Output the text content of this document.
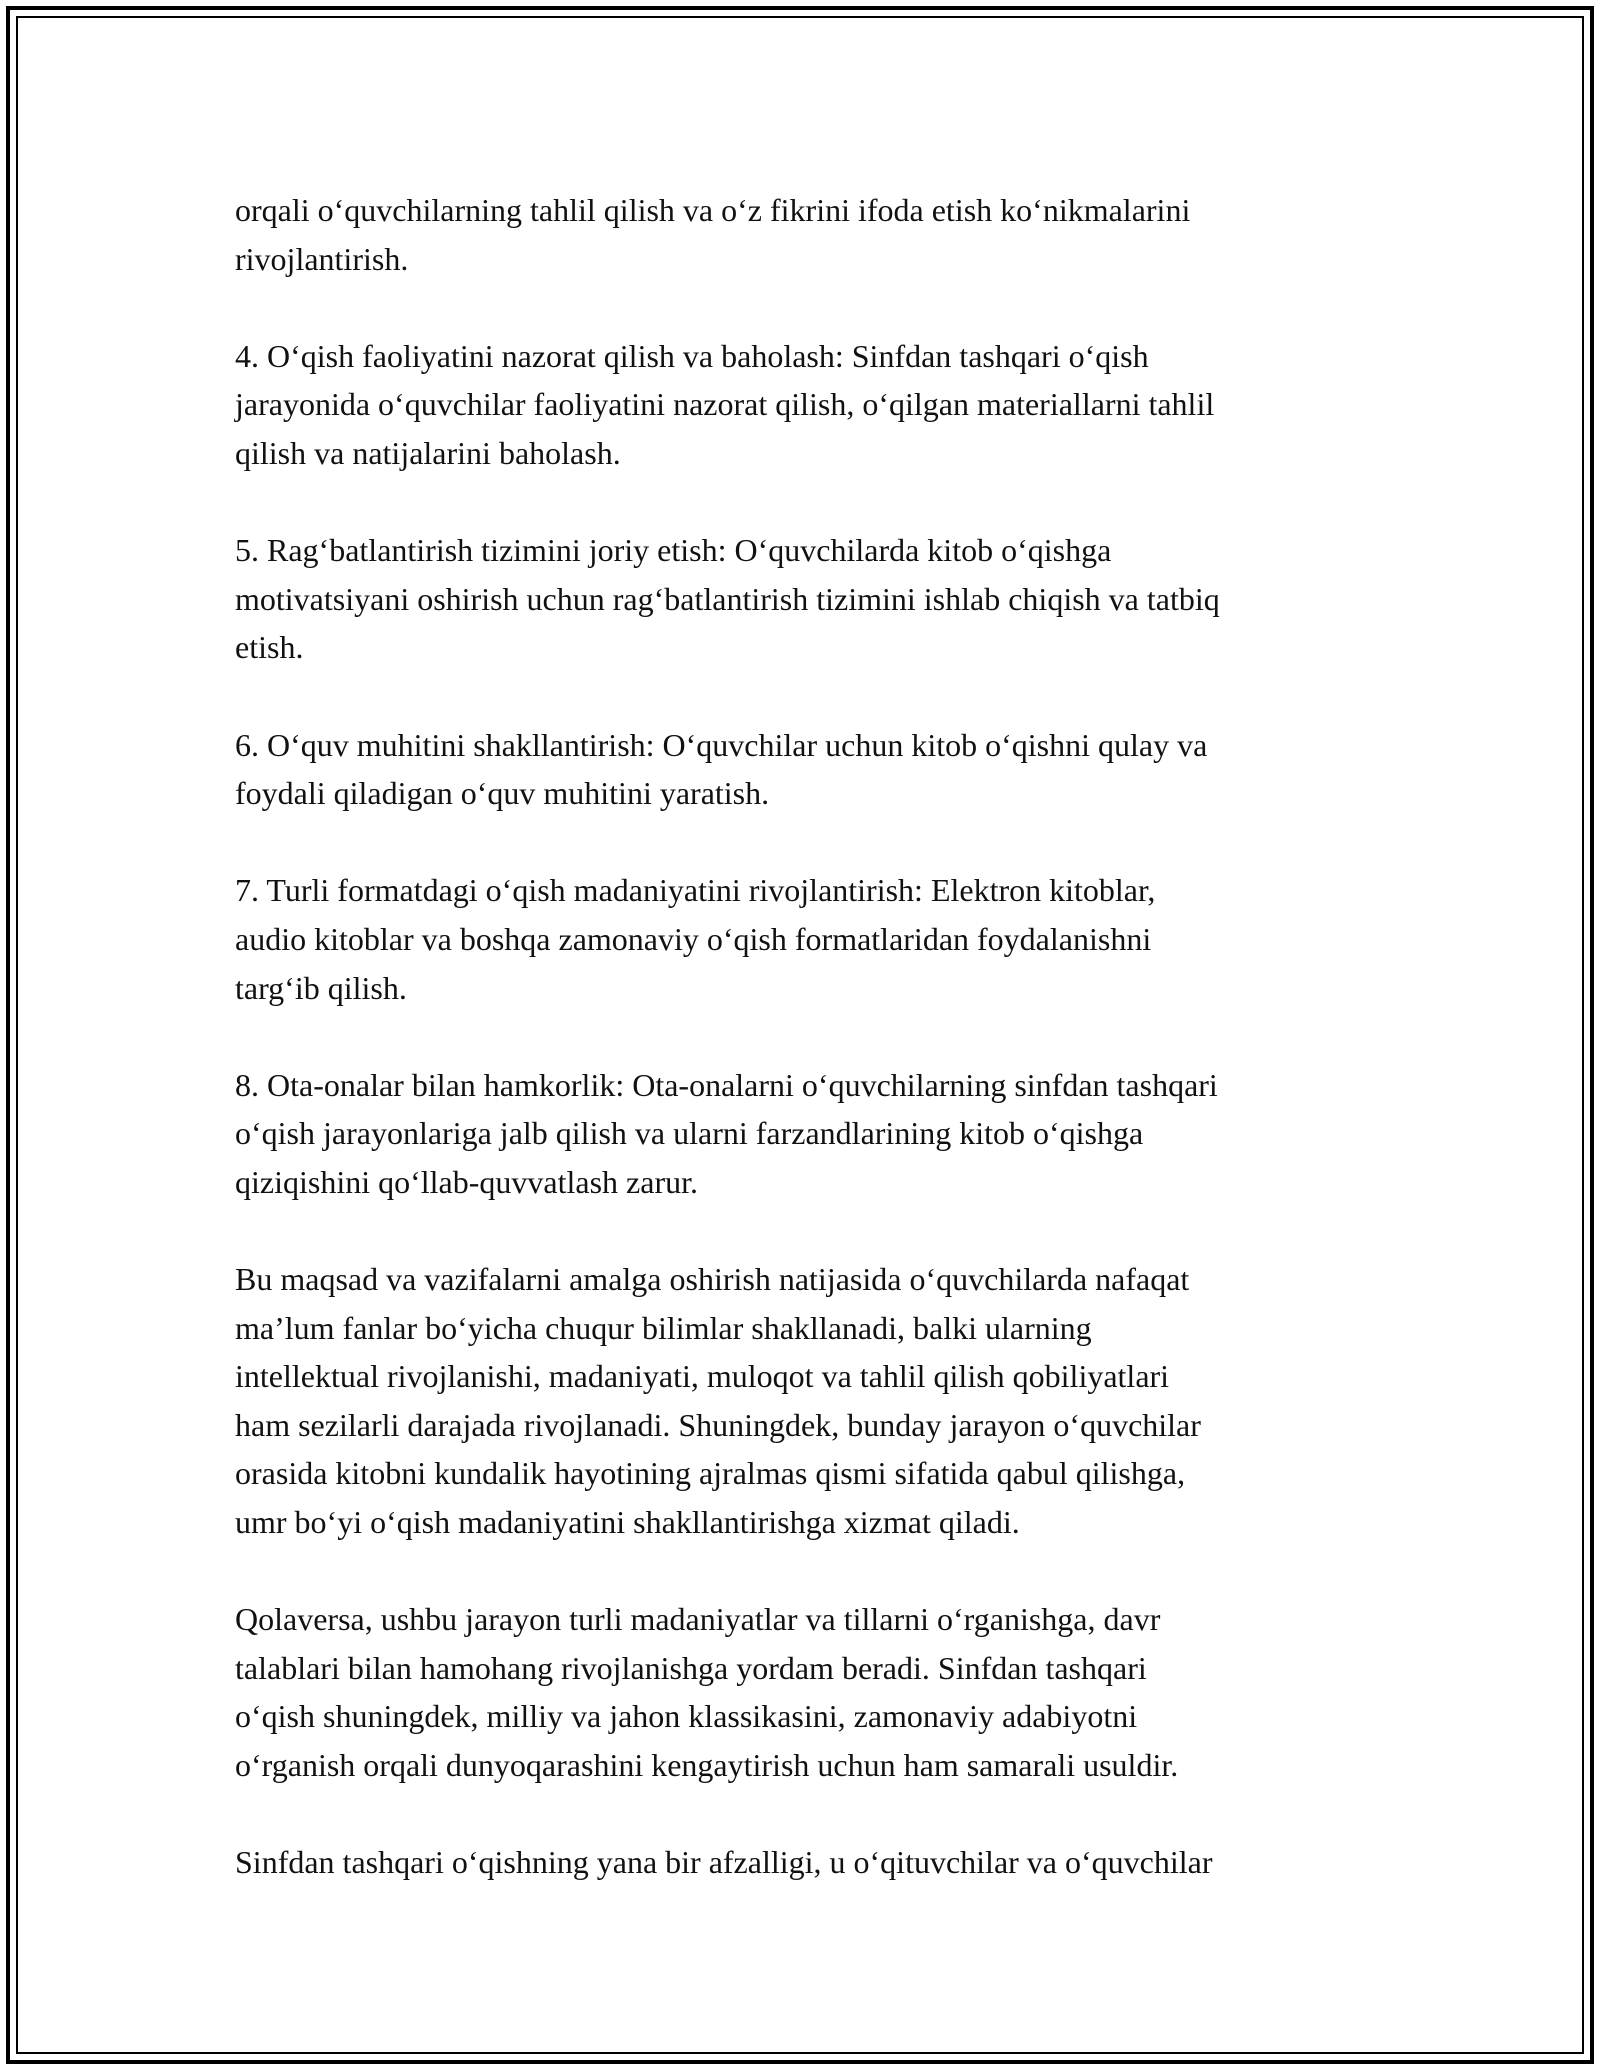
orqali o‘quvchilarning tahlil qilish va o‘z fikrini ifoda etish ko‘nikmalarini
rivojlantirish.

4. O‘qish faoliyatini nazorat qilish va baholash: Sinfdan tashqari o‘qish
jarayonida o‘quvchilar faoliyatini nazorat qilish, o‘qilgan materiallarni tahlil
qilish va natijalarini baholash.

5. Rag‘batlantirish tizimini joriy etish: O‘quvchilarda kitob o‘qishga
motivatsiyani oshirish uchun rag‘batlantirish tizimini ishlab chiqish va tatbiq
etish.

6. O‘quv muhitini shakllantirish: O‘quvchilar uchun kitob o‘qishni qulay va
foydali qiladigan o‘quv muhitini yaratish.

7. Turli formatdagi o‘qish madaniyatini rivojlantirish: Elektron kitoblar,
audio kitoblar va boshqa zamonaviy o‘qish formatlaridan foydalanishni
targ‘ib qilish.

8. Ota-onalar bilan hamkorlik: Ota-onalarni o‘quvchilarning sinfdan tashqari
o‘qish jarayonlariga jalb qilish va ularni farzandlarining kitob o‘qishga
qiziqishini qo‘llab-quvvatlash zarur.

Bu maqsad va vazifalarni amalga oshirish natijasida o‘quvchilarda nafaqat
ma’lum fanlar bo‘yicha chuqur bilimlar shakllanadi, balki ularning
intellektual rivojlanishi, madaniyati, muloqot va tahlil qilish qobiliyatlari
ham sezilarli darajada rivojlanadi. Shuningdek, bunday jarayon o‘quvchilar
orasida kitobni kundalik hayotining ajralmas qismi sifatida qabul qilishga,
umr bo‘yi o‘qish madaniyatini shakllantirishga xizmat qiladi.

Qolaversa, ushbu jarayon turli madaniyatlar va tillarni o‘rganishga, davr
talablari bilan hamohang rivojlanishga yordam beradi. Sinfdan tashqari
o‘qish shuningdek, milliy va jahon klassikasini, zamonaviy adabiyotni
o‘rganish orqali dunyoqarashini kengaytirish uchun ham samarali usuldir.

Sinfdan tashqari o‘qishning yana bir afzalligi, u o‘qituvchilar va o‘quvchilar
